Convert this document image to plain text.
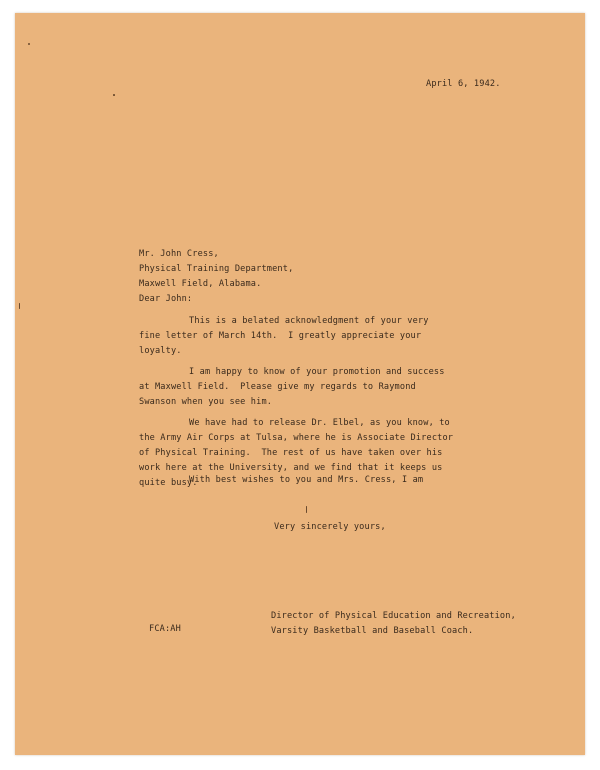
April 6, 1942.
Mr. John Cress,
Physical Training Department,
Maxwell Field, Alabama.
Dear John:
This is a belated acknowledgment of your very
fine letter of March 14th.  I greatly appreciate your
loyalty.
I am happy to know of your promotion and success
at Maxwell Field.  Please give my regards to Raymond
Swanson when you see him.
We have had to release Dr. Elbel, as you know, to
the Army Air Corps at Tulsa, where he is Associate Director
of Physical Training.  The rest of us have taken over his
work here at the University, and we find that it keeps us
quite busy.
With best wishes to you and Mrs. Cress, I am
Very sincerely yours,
Director of Physical Education and Recreation,
Varsity Basketball and Baseball Coach.
FCA:AH
